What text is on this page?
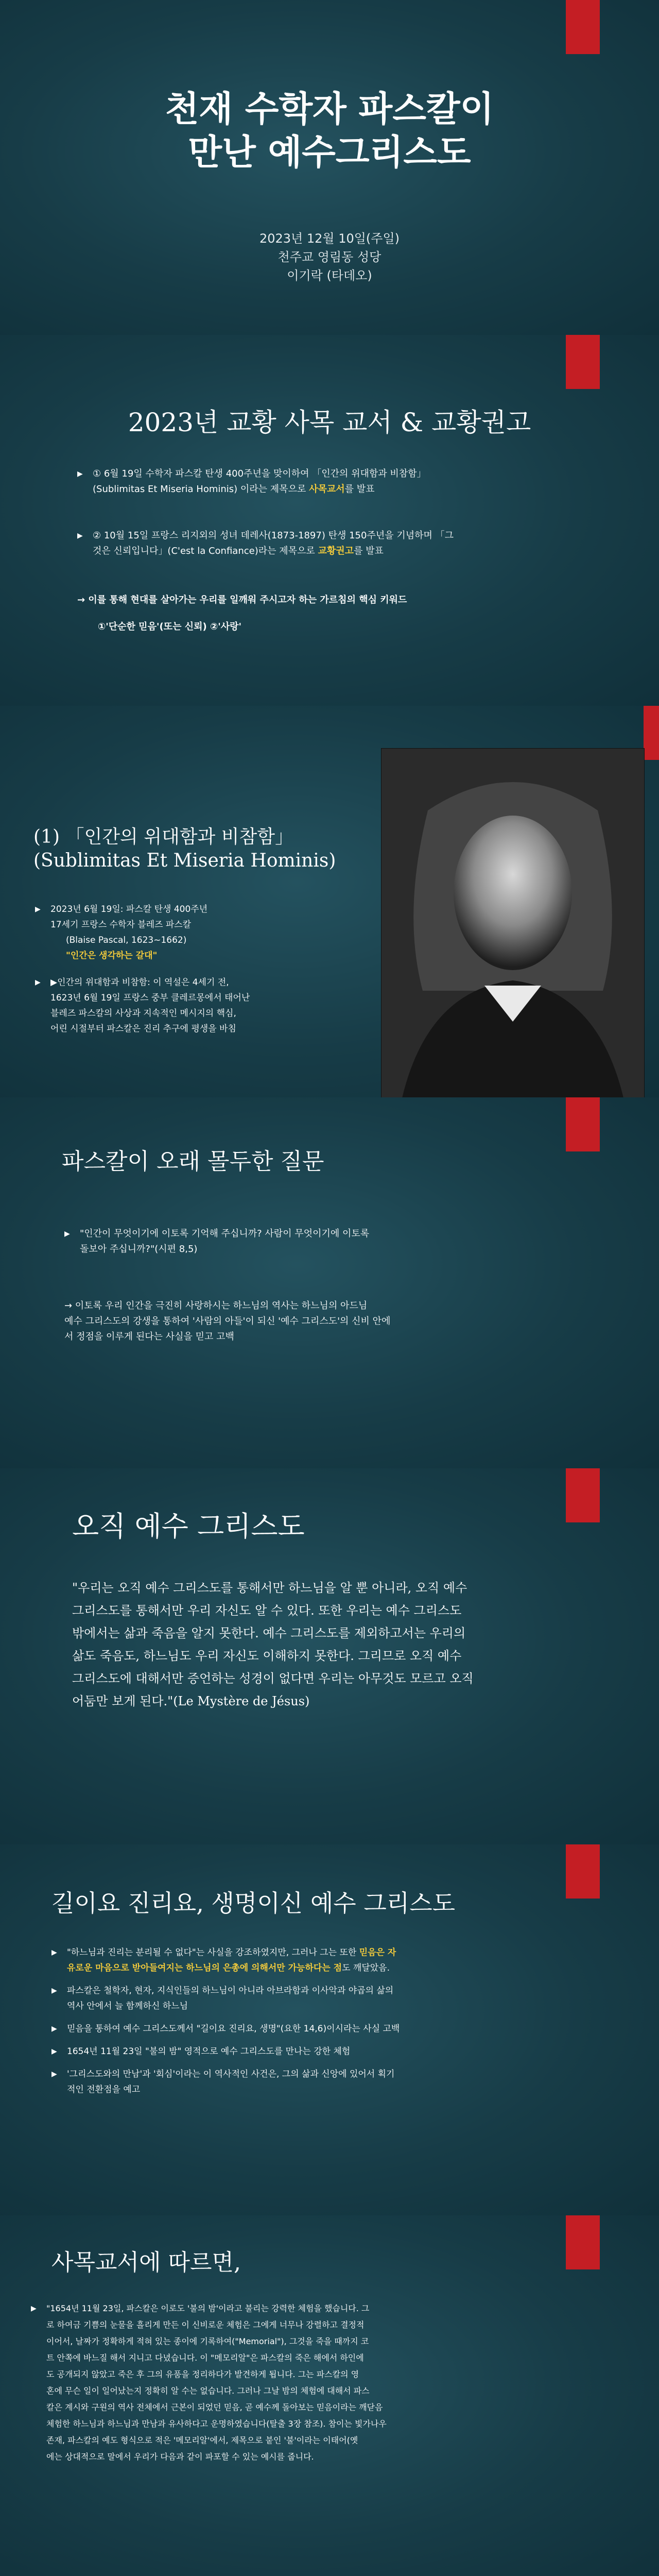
천재 수학자 파스칼이

만난 예수그리스도

2023년 12월 10일(주일)

천주교 영림동 성당

이기락 (타데오)

2023년 교황 사목 교서 & 교황권고

▶ ① 6월 19일 수학자 파스칼 탄생 400주년을 맞이하여 「인간의 위대함과 비참함」

(Sublimitas Et Miseria Hominis) 이라는 제목으로 사목교서를 발표

▶ ② 10월 15일 프랑스 리지외의 성녀 데레사(1873-1897) 탄생 150주년을 기념하며 「그

것은 신뢰입니다」(C'est la Confiance)라는 제목으로 교황권고를 발표

→ 이를 통해 현대를 살아가는 우리를 일깨워 주시고자 하는 가르침의 핵심 키워드

①'단순한 믿음'(또는 신뢰) ②'사랑'

(1) 「인간의 위대함과 비참함」

(Sublimitas Et Miseria Hominis)

▶ 2023년 6월 19일: 파스칼 탄생 400주년

17세기 프랑스 수학자 블레즈 파스칼

(Blaise Pascal, 1623~1662)

"인간은 생각하는 갈대"

▶ ▶인간의 위대함과 비참함: 이 역설은 4세기 전,

1623년 6월 19일 프랑스 중부 클레르몽에서 태어난

블레즈 파스칼의 사상과 지속적인 메시지의 핵심,

어린 시절부터 파스칼은 진리 추구에 평생을 바침

파스칼이 오래 몰두한 질문

▶ "인간이 무엇이기에 이토록 기억해 주십니까? 사람이 무엇이기에 이토록

돌보아 주십니까?"(시편 8,5)

→ 이토록 우리 인간을 극진히 사랑하시는 하느님의 역사는 하느님의 아드님

예수 그리스도의 강생을 통하여 '사람의 아들'이 되신 '예수 그리스도'의 신비 안에

서 정점을 이루게 된다는 사실을 믿고 고백

오직 예수 그리스도

"우리는 오직 예수 그리스도를 통해서만 하느님을 알 뿐 아니라, 오직 예수

그리스도를 통해서만 우리 자신도 알 수 있다. 또한 우리는 예수 그리스도

밖에서는 삶과 죽음을 알지 못한다. 예수 그리스도를 제외하고서는 우리의

삶도 죽음도, 하느님도 우리 자신도 이해하지 못한다. 그리므로 오직 예수

그리스도에 대해서만 증언하는 성경이 없다면 우리는 아무것도 모르고 오직

어둠만 보게 된다."(Le Mystère de Jésus)

길이요 진리요, 생명이신 예수 그리스도

▶ "하느님과 진리는 분리될 수 없다"는 사실을 강조하였지만, 그러나 그는 또한 믿음은 자

유로운 마음으로 받아들여지는 하느님의 은총에 의해서만 가능하다는 점도 깨달았음.

▶ 파스칼은 철학자, 현자, 지식인들의 하느님이 아니라 아브라함과 이사악과 야곱의 삶의

역사 안에서 늘 함께하신 하느님

▶ 믿음을 통하여 예수 그리스도께서 "길이요 진리요, 생명"(요한 14,6)이시라는 사실 고백

▶ 1654년 11월 23일 "불의 밤" 영적으로 예수 그리스도를 만나는 강한 체험

▶ '그리스도와의 만남'과 '회심'이라는 이 역사적인 사건은, 그의 삶과 신앙에 있어서 획기

적인 전환점을 예고

사목교서에 따르면,

▶ "1654년 11월 23일, 파스칼은 이로도 '불의 밤'이라고 불리는 강력한 체험을 했습니다. 그

로 하여금 기쁨의 눈물을 흘리게 만든 이 신비로운 체험은 그에게 너무나 강렬하고 결정적

이어서, 날짜가 정확하게 적혀 있는 종이에 기록하여("Memorial"), 그것을 죽을 때까지 코

트 안쪽에 바느질 해서 지니고 다녔습니다. 이 "메모리알"은 파스칼의 죽은 해에서 하인에

도 공개되지 않았고 죽은 후 그의 유품을 정리하다가 발견하게 됩니다. 그는 파스칼의 영

혼에 무슨 일이 일어났는지 정확히 알 수는 없습니다. 그러나 그날 밤의 체험에 대해서 파스

칼은 계시와 구원의 역사 전체에서 근본이 되었던 믿음, 곧 예수께 돌아보는 믿음이라는 깨닫음

체험한 하느님과 하느님과 만남과 유사하다고 운명하였습니다(탈출 3장 참조). 참이는 빛가나우

존재, 파스칼의 예도 형식으로 적은 '메모리알'에서, 제목으로 붙인 '불'이라는 이태어(옛

에는 상대적으로 말에서 우리가 다음과 같이 파포할 수 있는 예시를 줍니다.
